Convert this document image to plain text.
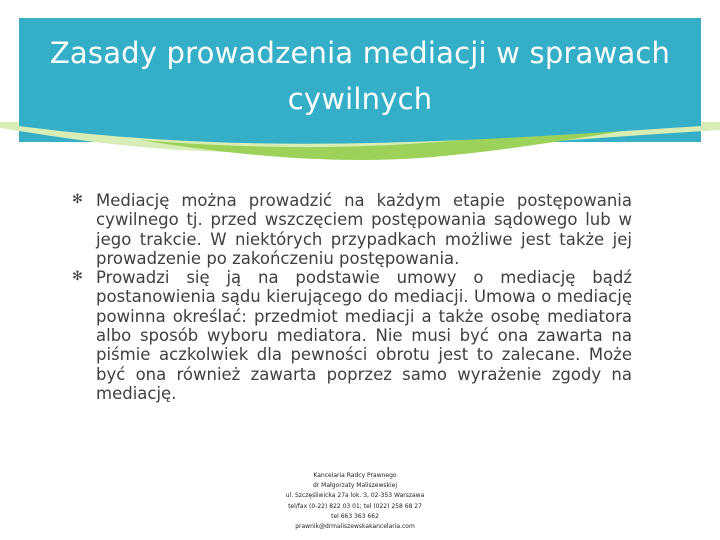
Zasady prowadzenia mediacji w sprawach cywilnych
✻ Mediację można prowadzić na każdym etapie postępowania cywilnego tj. przed wszczęciem postępowania sądowego lub w jego trakcie. W niektórych przypadkach możliwe jest także jej prowadzenie po zakończeniu postępowania.
✻ Prowadzi się ją na podstawie umowy o mediację bądź postanowienia sądu kierującego do mediacji. Umowa o mediację powinna określać: przedmiot mediacji a także osobę mediatora albo sposób wyboru mediatora. Nie musi być ona zawarta na piśmie aczkolwiek dla pewności obrotu jest to zalecane. Może być ona również zawarta poprzez samo wyrażenie zgody na mediację.
Kancelaria Radcy Prawnego
dr Małgorzaty Maliszewskiej
ul. Szczęśliwicka 27a lok. 3, 02-353 Warszawa
tel/fax (0-22) 822 03 01; tel (022) 258 68 27
tel 663 363 662
prawnik@drmaliszewskakancelaria.com
